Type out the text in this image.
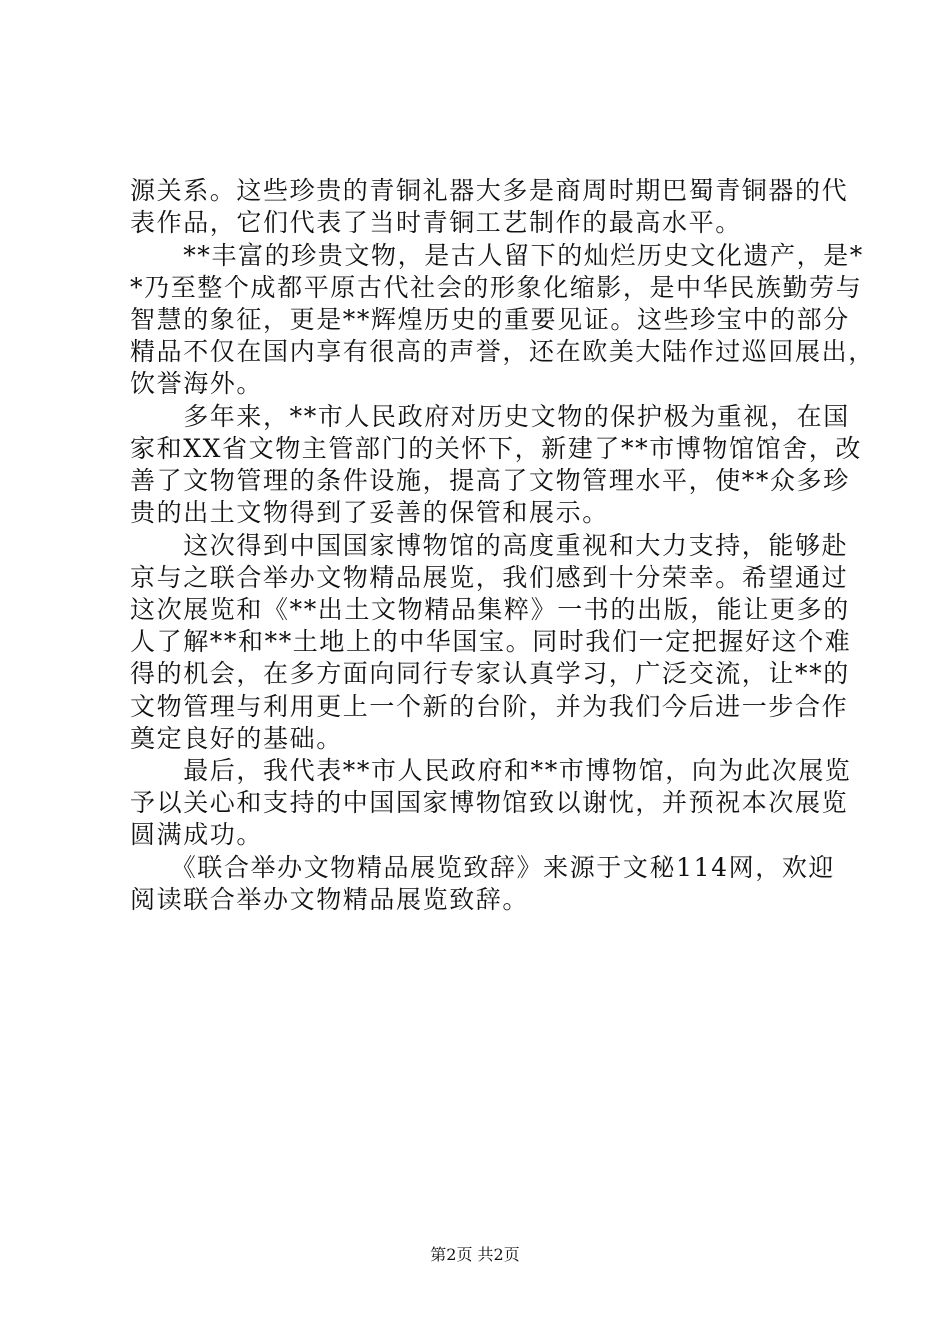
源关系。这些珍贵的青铜礼器大多是商周时期巴蜀青铜器的代
表作品，它们代表了当时青铜工艺制作的最高水平。
　　**丰富的珍贵文物，是古人留下的灿烂历史文化遗产，是*
*乃至整个成都平原古代社会的形象化缩影，是中华民族勤劳与
智慧的象征，更是**辉煌历史的重要见证。这些珍宝中的部分
精品不仅在国内享有很高的声誉，还在欧美大陆作过巡回展出，
饮誉海外。
　　多年来，**市人民政府对历史文物的保护极为重视，在国
家和XX省文物主管部门的关怀下，新建了**市博物馆馆舍，改
善了文物管理的条件设施，提高了文物管理水平，使**众多珍
贵的出土文物得到了妥善的保管和展示。
　　这次得到中国国家博物馆的高度重视和大力支持，能够赴
京与之联合举办文物精品展览，我们感到十分荣幸。希望通过
这次展览和《**出土文物精品集粹》一书的出版，能让更多的
人了解**和**土地上的中华国宝。同时我们一定把握好这个难
得的机会，在多方面向同行专家认真学习，广泛交流，让**的
文物管理与利用更上一个新的台阶，并为我们今后进一步合作
奠定良好的基础。
　　最后，我代表**市人民政府和**市博物馆，向为此次展览
予以关心和支持的中国国家博物馆致以谢忱，并预祝本次展览
圆满成功。
　　《联合举办文物精品展览致辞》来源于文秘114网，欢迎
阅读联合举办文物精品展览致辞。
第2页 共2页
